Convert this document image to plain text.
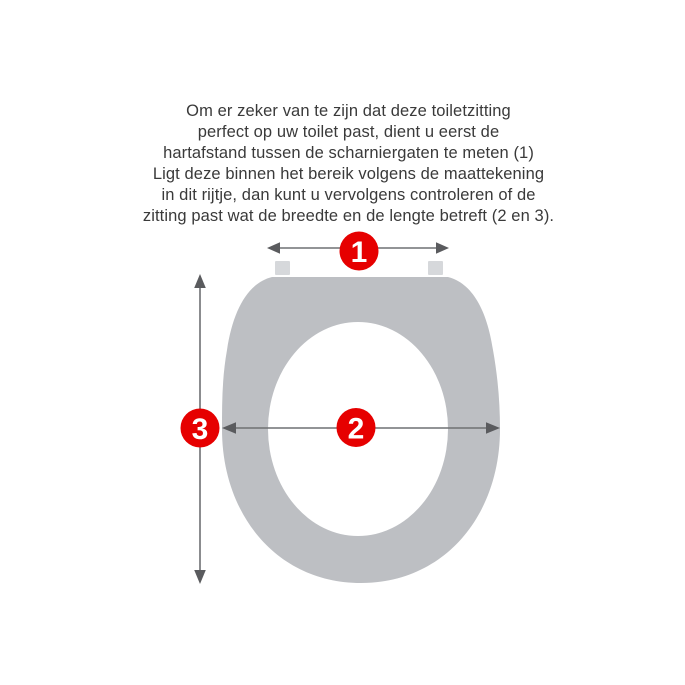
Om er zeker van te zijn dat deze toiletzitting
perfect op uw toilet past, dient u eerst de
hartafstand tussen de scharniergaten te meten (1)
Ligt deze binnen het bereik volgens de maattekening
in dit rijtje, dan kunt u vervolgens controleren of de
zitting past wat de breedte en de lengte betreft (2 en 3).
1
3	2
